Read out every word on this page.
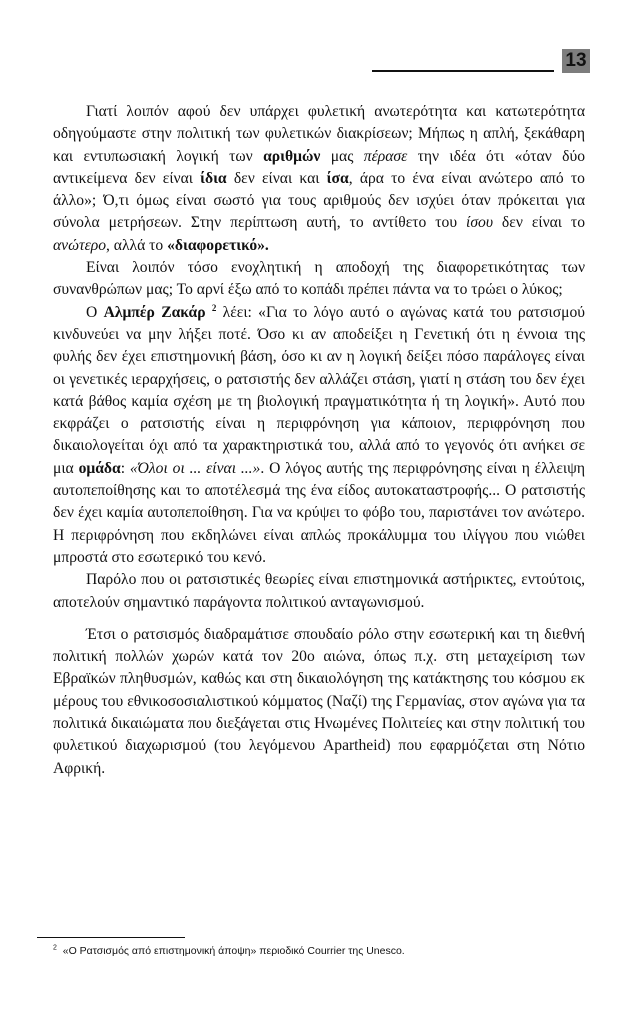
13

Γιατί λοιπόν αφού δεν υπάρχει φυλετική ανωτερότητα και κατωτερότητα οδηγούμαστε στην πολιτική των φυλετικών διακρίσεων; Μήπως η απλή, ξεκάθαρη και εντυπωσιακή λογική των αριθμών μας πέρασε την ιδέα ότι «όταν δύο αντικείμενα δεν είναι ίδια δεν είναι και ίσα, άρα το ένα είναι ανώτερο από το άλλο»; Ό,τι όμως είναι σωστό για τους αριθμούς δεν ισχύει όταν πρόκειται για σύνολα μετρήσεων. Στην περίπτωση αυτή, το αντίθετο του ίσου δεν είναι το ανώτερο, αλλά το «διαφορετικό».

Είναι λοιπόν τόσο ενοχλητική η αποδοχή της διαφορετικότητας των συνανθρώπων μας; Το αρνί έξω από το κοπάδι πρέπει πάντα να το τρώει ο λύκος;

Ο Αλμπέρ Ζακάρ $^2$ λέει: «Για το λόγο αυτό ο αγώνας κατά του ρατσισμού κινδυνεύει να μην λήξει ποτέ. Όσο κι αν αποδείξει η Γενετική ότι η έννοια της φυλής δεν έχει επιστημονική βάση, όσο κι αν η λογική δείξει πόσο παράλογες είναι οι γενετικές ιεραρχήσεις, ο ρατσιστής δεν αλλάζει στάση, γιατί η στάση του δεν έχει κατά βάθος καμία σχέση με τη βιολογική πραγματικότητα ή τη λογική». Αυτό που εκφράζει ο ρατσιστής είναι η περιφρόνηση για κάποιον, περιφρόνηση που δικαιολογείται όχι από τα χαρακτηριστικά του, αλλά από το γεγονός ότι ανήκει σε μια ομάδα: «Όλοι οι ... είναι ...». Ο λόγος αυτής της περιφρόνησης είναι η έλλειψη αυτοπεποίθησης και το αποτέλεσμά της ένα είδος αυτοκαταστροφής... Ο ρατσιστής δεν έχει καμία αυτοπεποίθηση. Για να κρύψει το φόβο του, παριστάνει τον ανώτερο. Η περιφρόνηση που εκδηλώνει είναι απλώς προκάλυμμα του ιλίγγου που νιώθει μπροστά στο εσωτερικό του κενό.

Παρόλο που οι ρατσιστικές θεωρίες είναι επιστημονικά αστήρικτες, εντούτοις, αποτελούν σημαντικό παράγοντα πολιτικού ανταγωνισμού.

Έτσι ο ρατσισμός διαδραμάτισε σπουδαίο ρόλο στην εσωτερική και τη διεθνή πολιτική πολλών χωρών κατά τον 20ο αιώνα, όπως π.χ. στη μεταχείριση των Εβραϊκών πληθυσμών, καθώς και στη δικαιολόγηση της κατάκτησης του κόσμου εκ μέρους του εθνικοσοσιαλιστικού κόμματος (Ναζί) της Γερμανίας, στον αγώνα για τα πολιτικά δικαιώματα που διεξάγεται στις Ηνωμένες Πολιτείες και στην πολιτική του φυλετικού διαχωρισμού (του λεγόμενου Apartheid) που εφαρμόζεται στη Νότιο Αφρική.

$^2$ «Ο Ρατσισμός από επιστημονική άποψη» περιοδικό Courrier της Unesco.
